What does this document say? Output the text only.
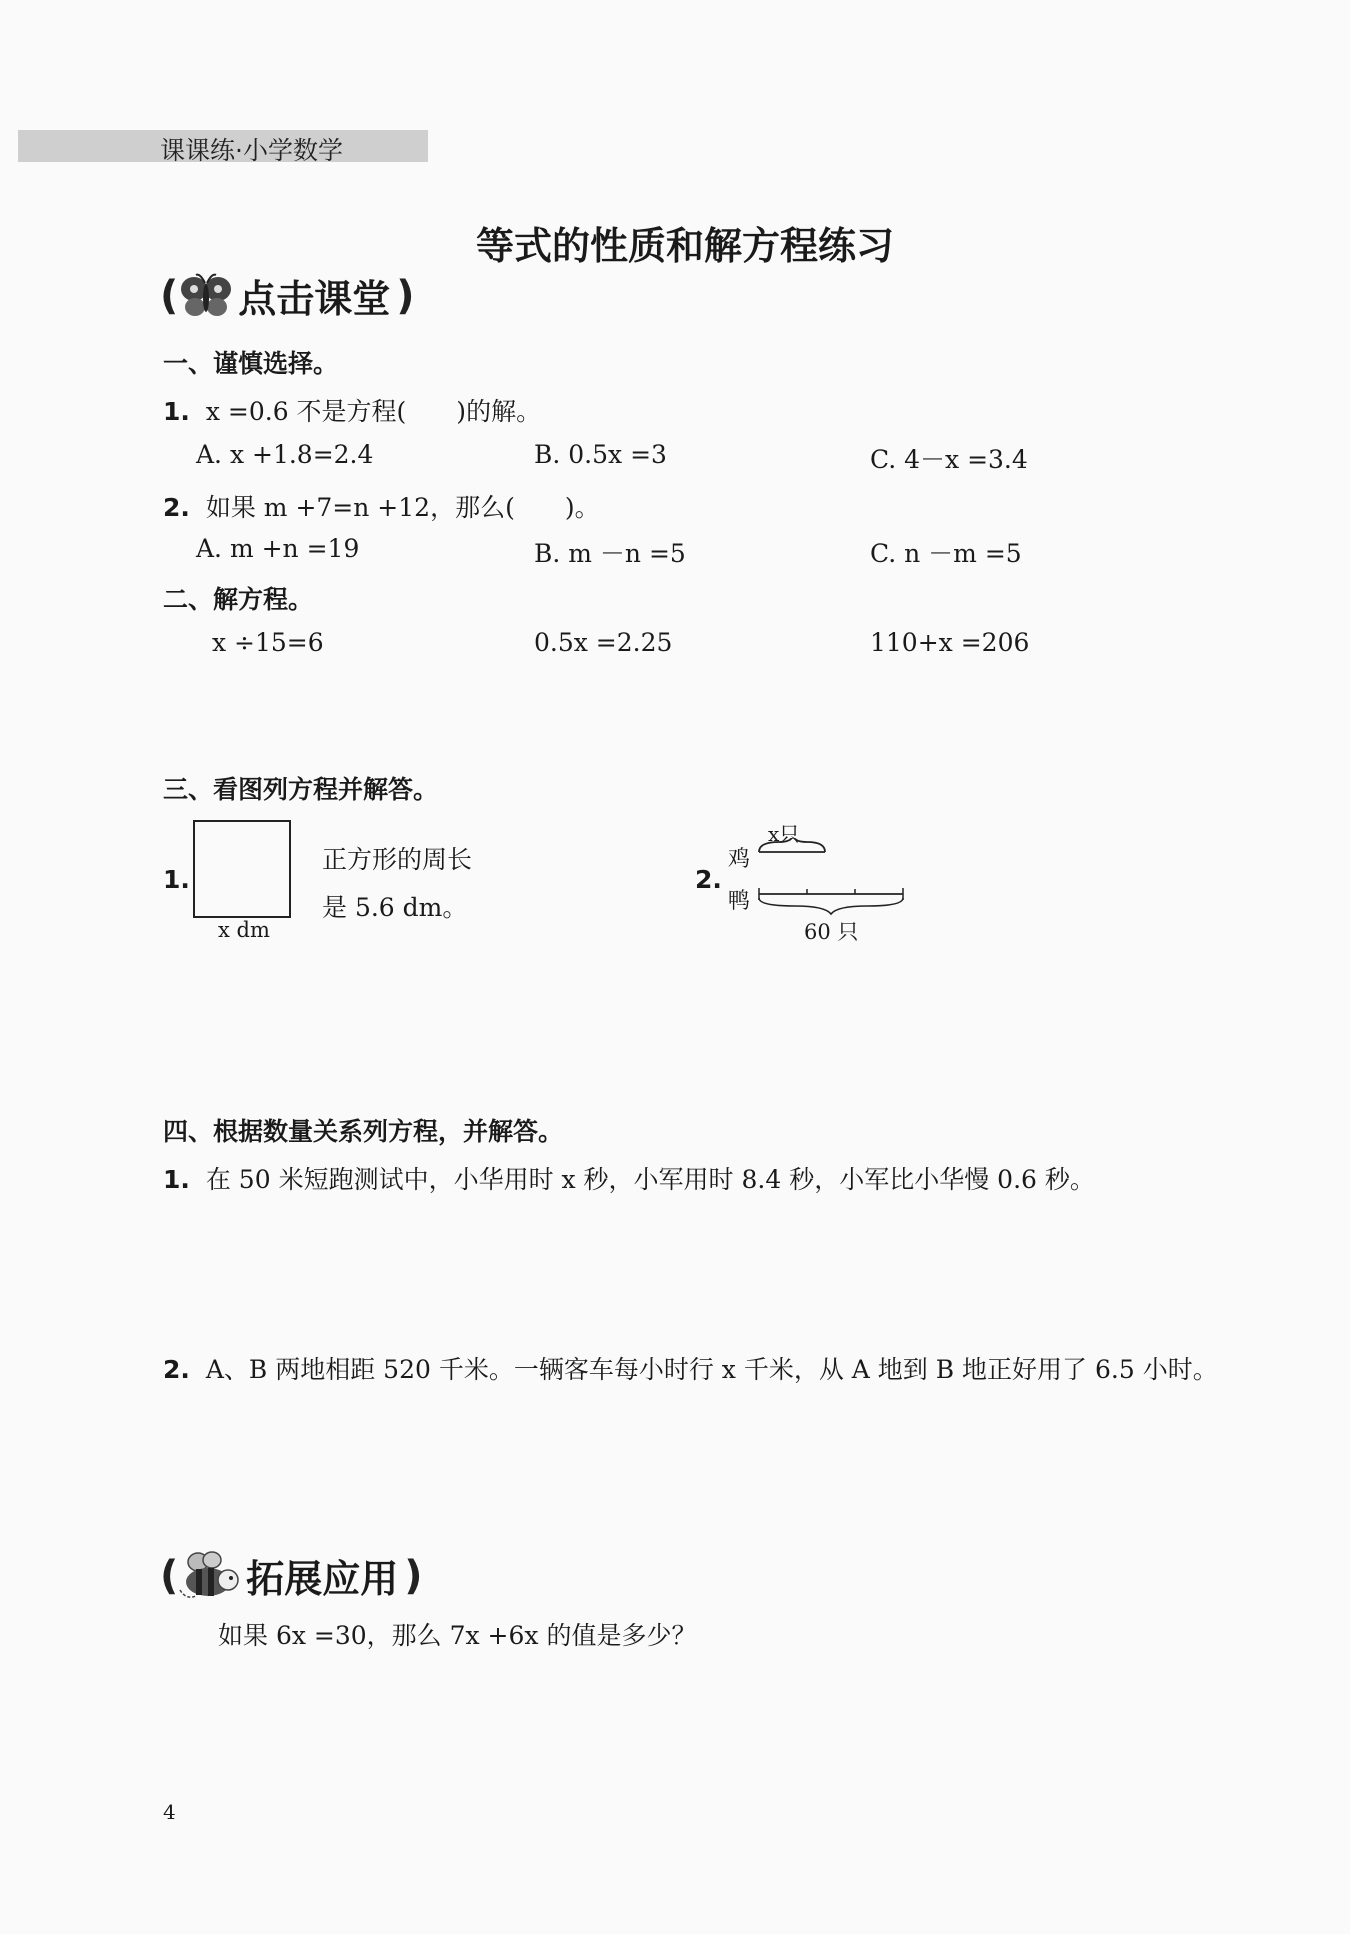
课课练·小学数学
等式的性质和解方程练习
( 点击课堂 )
一、谨慎选择。
1. x =0.6 不是方程(　　)的解。
A. x +1.8=2.4	B. 0.5x =3	C. 4－x =3.4
2. 如果 m +7=n +12，那么(　　)。
A. m +n =19	B. m －n =5	C. n －m =5
二、解方程。
x ÷15=6	0.5x =2.25	110+x =206
三、看图列方程并解答。
1.
x dm
正方形的周长
是 5.6 dm。
2.
鸡
鸭
x只
60 只
四、根据数量关系列方程，并解答。
1. 在 50 米短跑测试中，小华用时 x 秒，小军用时 8.4 秒，小军比小华慢 0.6 秒。
2. A、B 两地相距 520 千米。一辆客车每小时行 x 千米，从 A 地到 B 地正好用了 6.5 小时。
( 拓展应用 )
如果 6x =30，那么 7x +6x 的值是多少？
4
